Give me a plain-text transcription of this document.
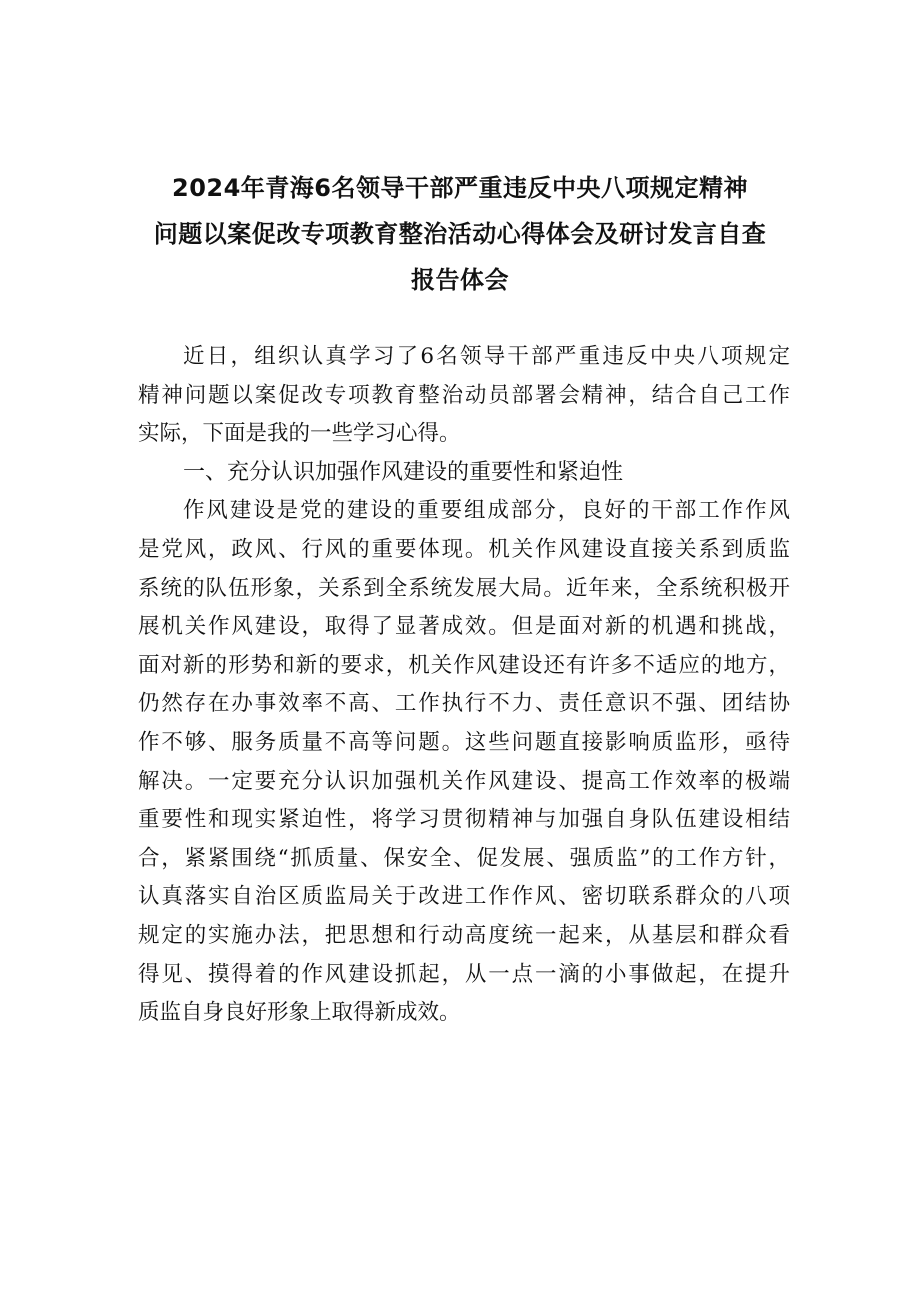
2024年青海6名领导干部严重违反中央八项规定精神
问题以案促改专项教育整治活动心得体会及研讨发言自查
报告体会
近日，组织认真学习了6名领导干部严重违反中央八项规定
精神问题以案促改专项教育整治动员部署会精神，结合自己工作
实际，下面是我的一些学习心得。
一、充分认识加强作风建设的重要性和紧迫性
作风建设是党的建设的重要组成部分，良好的干部工作作风
是党风，政风、行风的重要体现。机关作风建设直接关系到质监
系统的队伍形象，关系到全系统发展大局。近年来，全系统积极开
展机关作风建设，取得了显著成效。但是面对新的机遇和挑战，
面对新的形势和新的要求，机关作风建设还有许多不适应的地方，
仍然存在办事效率不高、工作执行不力、责任意识不强、团结协
作不够、服务质量不高等问题。这些问题直接影响质监形，亟待
解决。一定要充分认识加强机关作风建设、提高工作效率的极端
重要性和现实紧迫性，将学习贯彻精神与加强自身队伍建设相结
合，紧紧围绕“抓质量、保安全、促发展、强质监”的工作方针，
认真落实自治区质监局关于改进工作作风、密切联系群众的八项
规定的实施办法，把思想和行动高度统一起来，从基层和群众看
得见、摸得着的作风建设抓起，从一点一滴的小事做起，在提升
质监自身良好形象上取得新成效。
